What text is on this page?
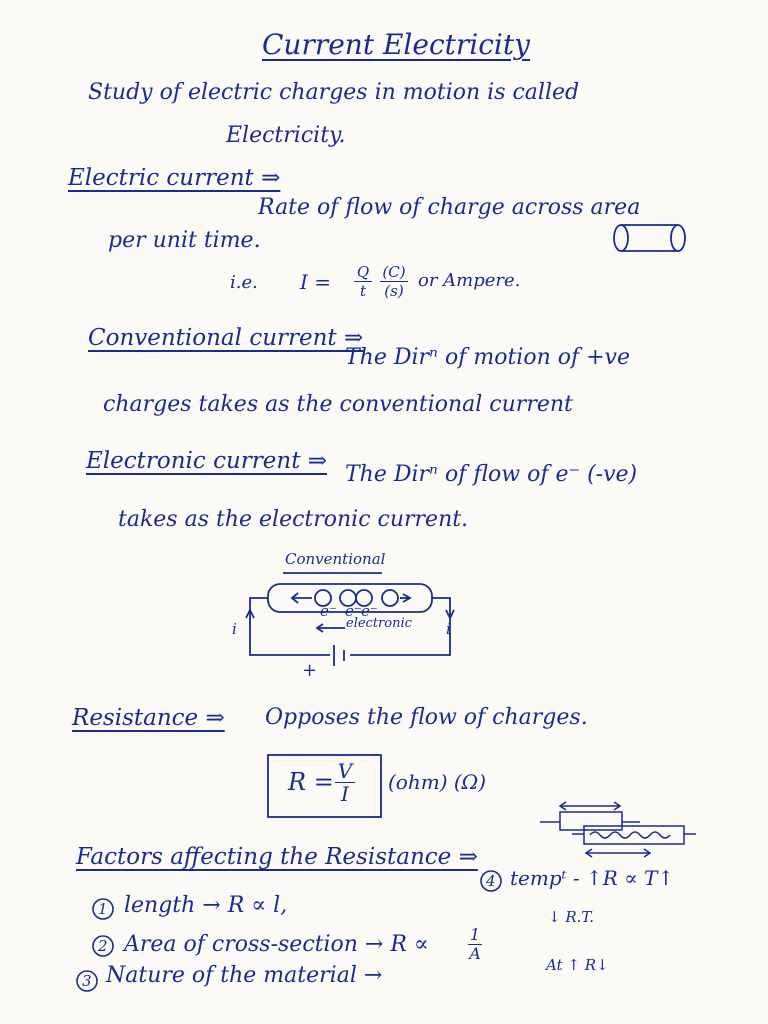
Current Electricity
Study of electric charges in motion is called
Electricity.
Electric current ⇒
Rate of flow of charge across area
per unit time.
i.e. I = Q
t
(C)
(s) or Ampere.
Conventional current ⇒
The Dirⁿ of motion of +ve
charges takes as the conventional current
Electronic current ⇒
The Dirⁿ of flow of e⁻ (-ve)
takes as the electronic current.
Conventional
electronic
i	i
+
e⁻ e⁻ e⁻
Resistance ⇒ Opposes the flow of charges.
R = V
I	(ohm) (Ω)
Factors affecting the Resistance ⇒
1 length → R ∝ l,
2 Area of cross-section → R ∝	1
A
3 Nature of the material →
4 tempᵗ - ↑R ∝ T↑
↓ R.T.
At ↑ R↓
